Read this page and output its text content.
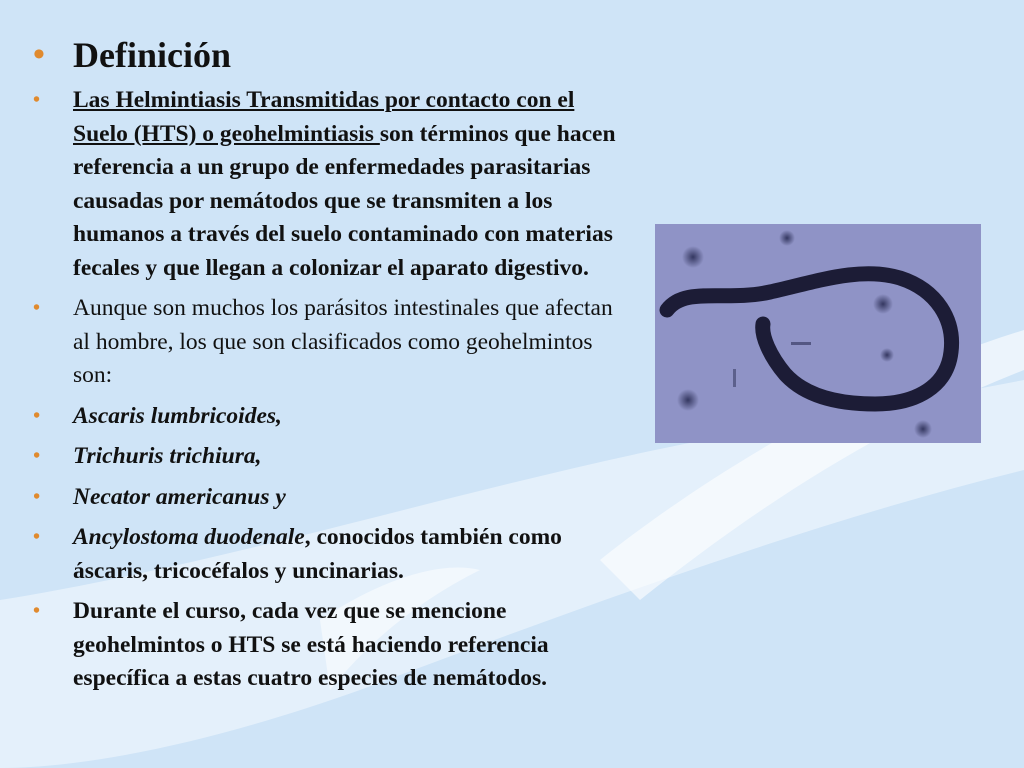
• Definición
• Las Helmintiasis Transmitidas por contacto con el Suelo (HTS) o geohelmintiasis son términos que hacen referencia a un grupo de enfermedades parasitarias causadas por nemátodos que se transmiten a los humanos a través del suelo contaminado con materias fecales y que llegan a colonizar el aparato digestivo.
• Aunque son muchos los parásitos intestinales que afectan al hombre, los que son clasificados como geohelmintos son:
• Ascaris lumbricoides,
• Trichuris trichiura,
• Necator americanus y
• Ancylostoma duodenale, conocidos también como áscaris, tricocéfalos y uncinarias.
• Durante el curso, cada vez que se mencione geohelmintos o HTS se está haciendo referencia específica a estas cuatro especies de nemátodos.
